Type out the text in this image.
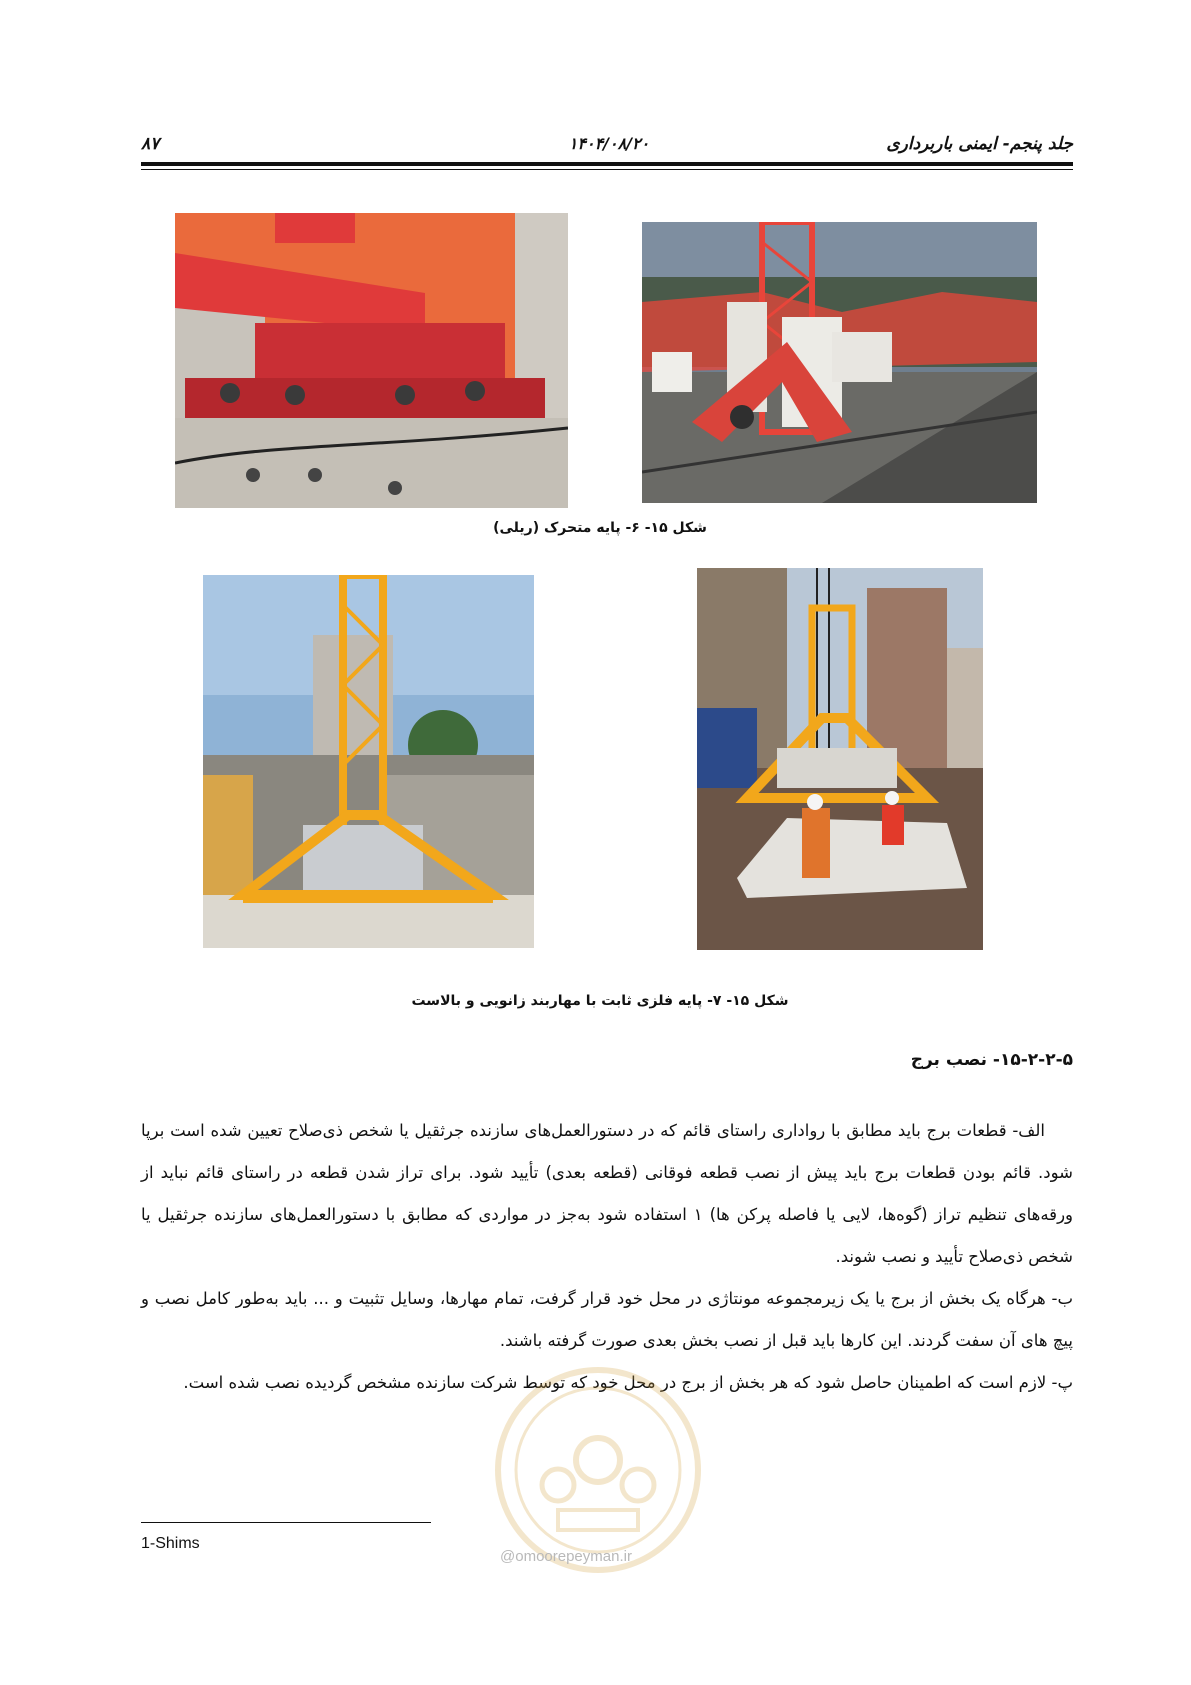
جلد پنجم- ایمنی باربرداری
۱۴۰۴/۰۸/۲۰
۸۷
شکل ۱۵- ۶- پایه متحرک (ریلی)
شکل ۱۵- ۷- پایه فلزی ثابت با مهاربند زانویی و بالاست
۱۵-۲-۲-۵- نصب برج

الف- قطعات برج باید مطابق با رواداری راستای قائم که در دستورالعمل‌های سازنده جرثقیل یا شخص ذی‌صلاح تعیین شده است برپا شود. قائم بودن قطعات برج باید پیش از نصب قطعه فوقانی (قطعه بعدی) تأیید شود. برای تراز شدن قطعه در راستای قائم نباید از ورقه‌های تنظیم تراز (گوه‌ها، لایی یا فاصله پرکن ها) ۱ استفاده شود به‌جز در مواردی که مطابق با دستورالعمل‌های سازنده جرثقیل یا شخص ذی‌صلاح تأیید و نصب شوند.

ب- هرگاه یک بخش از برج یا یک زیرمجموعه مونتاژی در محل خود قرار گرفت، تمام مهارها، وسایل تثبیت و ... باید به‌طور کامل نصب و پیچ های آن سفت گردند. این کارها باید قبل از نصب بخش بعدی صورت گرفته باشند.

پ- لازم است که اطمینان حاصل شود که هر بخش از برج در محل خود که توسط شرکت سازنده مشخص گردیده نصب شده است.

@omoorepeyman.ir
1-Shims
